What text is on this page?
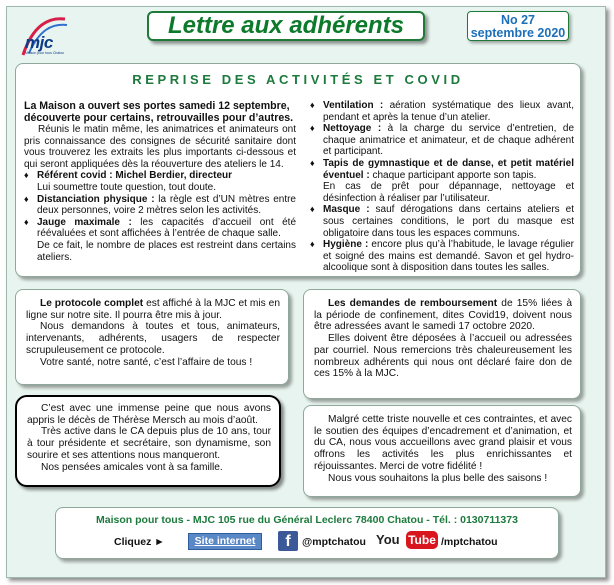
mjc
Maison pour tous Chatou
Lettre aux adhérents	No 27
septembre 2020
REPRISE DES ACTIVITÉS ET COVID

La Maison a ouvert ses portes samedi 12 septembre, découverte pour certains, retrouvailles pour d’autres.

Réunis le matin même, les animatrices et animateurs ont pris connaissance des consignes de sécurité sanitaire dont vous trouverez les extraits les plus importants ci-dessous et qui seront appliquées dès la réouverture des ateliers le 14.

♦ Référent covid : Michel Berdier, directeur
Lui soumettre toute question, tout doute.
♦ Distanciation physique : la règle est d’UN mètres entre deux personnes, voire 2 mètres selon les activités.
♦ Jauge maximale : les capacités d’accueil ont été réévaluées et sont affichées à l’entrée de chaque salle.
De ce fait, le nombre de places est restreint dans certains ateliers.
♦ Ventilation : aération systématique des lieux avant, pendant et après la tenue d’un atelier.
♦ Nettoyage : à la charge du service d’entretien, de chaque animatrice et animateur, et de chaque adhérent et participant.
♦ Tapis de gymnastique et de danse, et petit matériel éventuel : chaque participant apporte son tapis.
En cas de prêt pour dépannage, nettoyage et désinfection à réaliser par l’utilisateur.
♦ Masque : sauf dérogations dans certains ateliers et sous certaines conditions, le port du masque est obligatoire dans tous les espaces communs.
♦ Hygiène : encore plus qu’à l’habitude, le lavage régulier et soigné des mains est demandé. Savon et gel hydro-alcoolique sont à disposition dans toutes les salles.

Le protocole complet est affiché à la MJC et mis en ligne sur notre site. Il pourra être mis à jour.

Nous demandons à toutes et tous, animateurs, intervenants, adhérents, usagers de respecter scrupuleusement ce protocole.

Votre santé, notre santé, c’est l’affaire de tous !

Les demandes de remboursement de 15% liées à la période de confinement, dites Covid19, doivent nous être adressées avant le samedi 17 octobre 2020.

Elles doivent être déposées à l’accueil ou adressées par courriel. Nous remercions très chaleureusement les nombreux adhérents qui nous ont déclaré faire don de ces 15% à la MJC.

C’est avec une immense peine que nous avons appris le décès de Thérèse Mersch au mois d’août.

Très active dans le CA depuis plus de 10 ans, tour à tour présidente et secrétaire, son dynamisme, son sourire et ses attentions nous manqueront.

Nos pensées amicales vont à sa famille.

Malgré cette triste nouvelle et ces contraintes, et avec le soutien des équipes d’encadrement et d’animation, et du CA, nous vous accueillons avec grand plaisir et vous offrons les activités les plus enrichissantes et réjouissantes. Merci de votre fidélité !

Nous vous souhaitons la plus belle des saisons !

Maison pour tous - MJC 105 rue du Général Leclerc 78400 Chatou - Tél. : 0130711373
Cliquez ►	Site internet	f	@mptchatou You Tube /mptchatou
